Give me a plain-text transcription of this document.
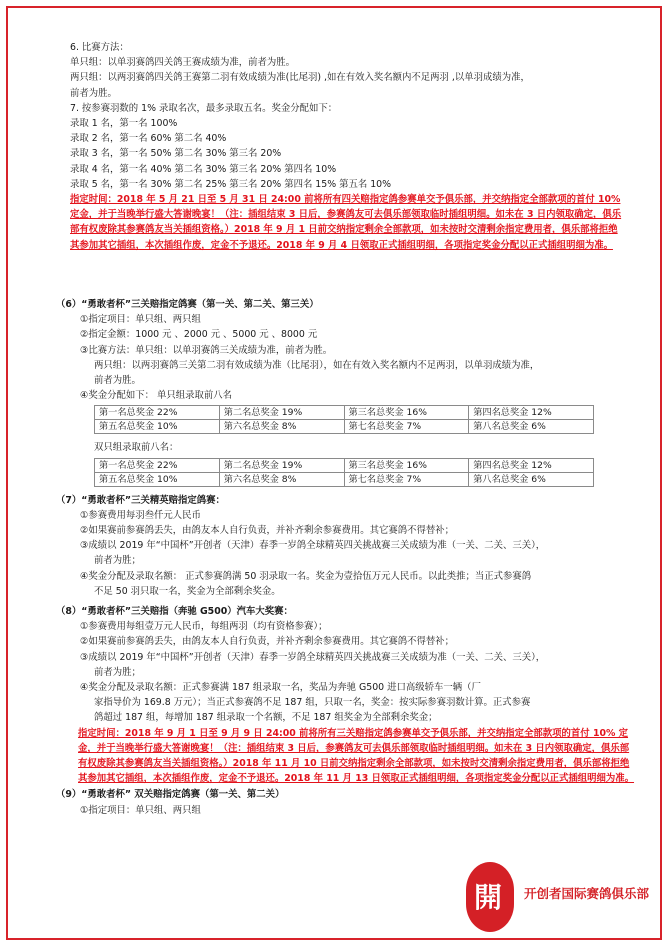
6. 比赛方法：
单只组：以单羽赛鸽四关鸽王赛成绩为准，前者为胜。
两只组：以两羽赛鸽四关鸽王赛第二羽有效成绩为准(比尾羽) ,如在有效入奖名额内不足两羽 ,以单羽成绩为准，
前者为胜。
7. 按参赛羽数的 1% 录取名次，最多录取五名。奖金分配如下：
录取 1 名，第一名 100%
录取 2 名，第一名 60% 第二名 40%
录取 3 名，第一名 50% 第二名 30% 第三名 20%
录取 4 名，第一名 40% 第二名 30% 第三名 20% 第四名 10%
录取 5 名，第一名 30% 第二名 25% 第三名 20% 第四名 15% 第五名 10%
指定时间：2018 年 5 月 21 日至 5 月 31 日 24:00 前将所有四关赔指定鸽参赛单交予俱乐部，并交纳指定全部款项的首付 10% 定金，并于当晚举行盛大答谢晚宴！（注：插组结束 3 日后，参赛鸽友可去俱乐部领取临时插组明细。如未在 3 日内领取确定，俱乐部有权废除其参赛鸽友当关插组资格。）2018 年 9 月 1 日前交纳指定剩余全部款项，如未按时交清剩余指定费用者，俱乐部将拒绝其参加其它插组，本次插组作废，定金不予退还。2018 年 9 月 4 日领取正式插组明细，各项指定奖金分配以正式插组明细为准。
（6）“勇敢者杯”三关赔指定鸽赛（第一关、第二关、第三关）
①指定项目：单只组、两只组
②指定金额：1000 元 、2000 元 、5000 元 、8000 元
③比赛方法：单只组：以单羽赛鸽三关成绩为准，前者为胜。
两只组：以两羽赛鸽三关第二羽有效成绩为准（比尾羽），如在有效入奖名额内不足两羽，以单羽成绩为准，
前者为胜。
④奖金分配如下： 单只组录取前八名
第一名总奖金 22%	第二名总奖金 19%	第三名总奖金 16%	第四名总奖金 12%
第五名总奖金 10%	第六名总奖金 8%	第七名总奖金 7%	第八名总奖金 6%
双只组录取前八名：
第一名总奖金 22%	第二名总奖金 19%	第三名总奖金 16%	第四名总奖金 12%
第五名总奖金 10%	第六名总奖金 8%	第七名总奖金 7%	第八名总奖金 6%
（7）“勇敢者杯”三关精英赔指定鸽赛：
①参赛费用每羽叁仟元人民币
②如果赛前参赛鸽丢失，由鸽友本人自行负责，并补齐剩余参赛费用。其它赛鸽不得替补；
③成绩以 2019 年“中国杯”开创者（天津）春季一岁鸽全球精英四关挑战赛三关成绩为准（一关、二关、三关），
前者为胜；
④奖金分配及录取名额： 正式参赛鸽满 50 羽录取一名。奖金为壹拾伍万元人民币。以此类推；当正式参赛鸽
不足 50 羽只取一名，奖金为全部剩余奖金。
（8）“勇敢者杯”三关赔指（奔驰 G500）汽车大奖赛：
①参赛费用每组壹万元人民币，每组两羽（均有资格参赛）；
②如果赛前参赛鸽丢失，由鸽友本人自行负责，并补齐剩余参赛费用。其它赛鸽不得替补；
③成绩以 2019 年“中国杯”开创者（天津）春季一岁鸽全球精英四关挑战赛三关成绩为准（一关、二关、三关），
前者为胜；
④奖金分配及录取名额：正式参赛满 187 组录取一名，奖品为奔驰 G500 进口高级轿车一辆（厂
家指导价为 169.8 万元）；当正式参赛鸽不足 187 组，只取一名，奖金：按实际参赛羽数计算。正式参赛
鸽超过 187 组，每增加 187 组录取一个名额，不足 187 组奖金为全部剩余奖金；
指定时间：2018 年 9 月 1 日至 9 月 9 日 24:00 前将所有三关赔指定鸽参赛单交予俱乐部，并交纳指定全部款项的首付 10% 定金，并于当晚举行盛大答谢晚宴！（注：插组结束 3 日后，参赛鸽友可去俱乐部领取临时插组明细。如未在 3 日内领取确定，俱乐部有权废除其参赛鸽友当关插组资格。）2018 年 11 月 10 日前交纳指定剩余全部款项，如未按时交清剩余指定费用者，俱乐部将拒绝其参加其它插组，本次插组作废，定金不予退还。2018 年 11 月 13 日领取正式插组明细，各项指定奖金分配以正式插组明细为准。
（9）“勇敢者杯” 双关赔指定鸽赛（第一关、第二关）
①指定项目：单只组、两只组
開 开创者国际赛鸽俱乐部
